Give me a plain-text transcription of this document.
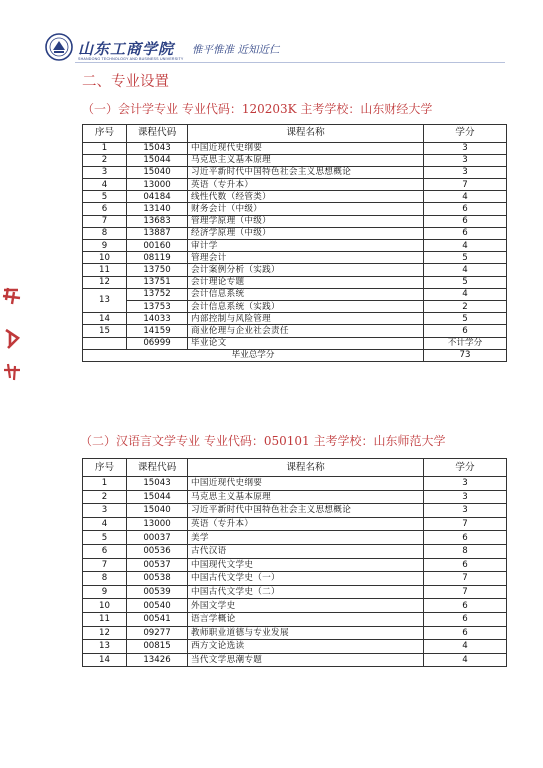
山东工商学院
SHANDONG TECHNOLOGY AND BUSINESS UNIVERSITY
惟平惟准 近知近仁
二、专业设置
（一）会计学专业 专业代码：120203K 主考学校：山东财经大学
序号	课程代码	课程名称	学分
1	15043	中国近现代史纲要	3
2	15044	马克思主义基本原理	3
3	15040	习近平新时代中国特色社会主义思想概论	3
4	13000	英语（专升本）	7
5	04184	线性代数（经管类）	4
6	13140	财务会计（中级）	6
7	13683	管理学原理（中级）	6
8	13887	经济学原理（中级）	6
9	00160	审计学	4
10	08119	管理会计	5
11	13750	会计案例分析（实践）	4
12	13751	会计理论专题	5
13	13752	会计信息系统	4
	13753	会计信息系统（实践）	2
14	14033	内部控制与风险管理	5
15	14159	商业伦理与企业社会责任	6
	06999	毕业论文	不计学分
毕业总学分			73
（二）汉语言文学专业 专业代码：050101 主考学校：山东师范大学
序号	课程代码	课程名称	学分
1	15043	中国近现代史纲要	3
2	15044	马克思主义基本原理	3
3	15040	习近平新时代中国特色社会主义思想概论	3
4	13000	英语（专升本）	7
5	00037	美学	6
6	00536	古代汉语	8
7	00537	中国现代文学史	6
8	00538	中国古代文学史（一）	7
9	00539	中国古代文学史（二）	7
10	00540	外国文学史	6
11	00541	语言学概论	6
12	09277	教师职业道德与专业发展	6
13	00815	西方文论选读	4
14	13426	当代文学思潮专题	4
